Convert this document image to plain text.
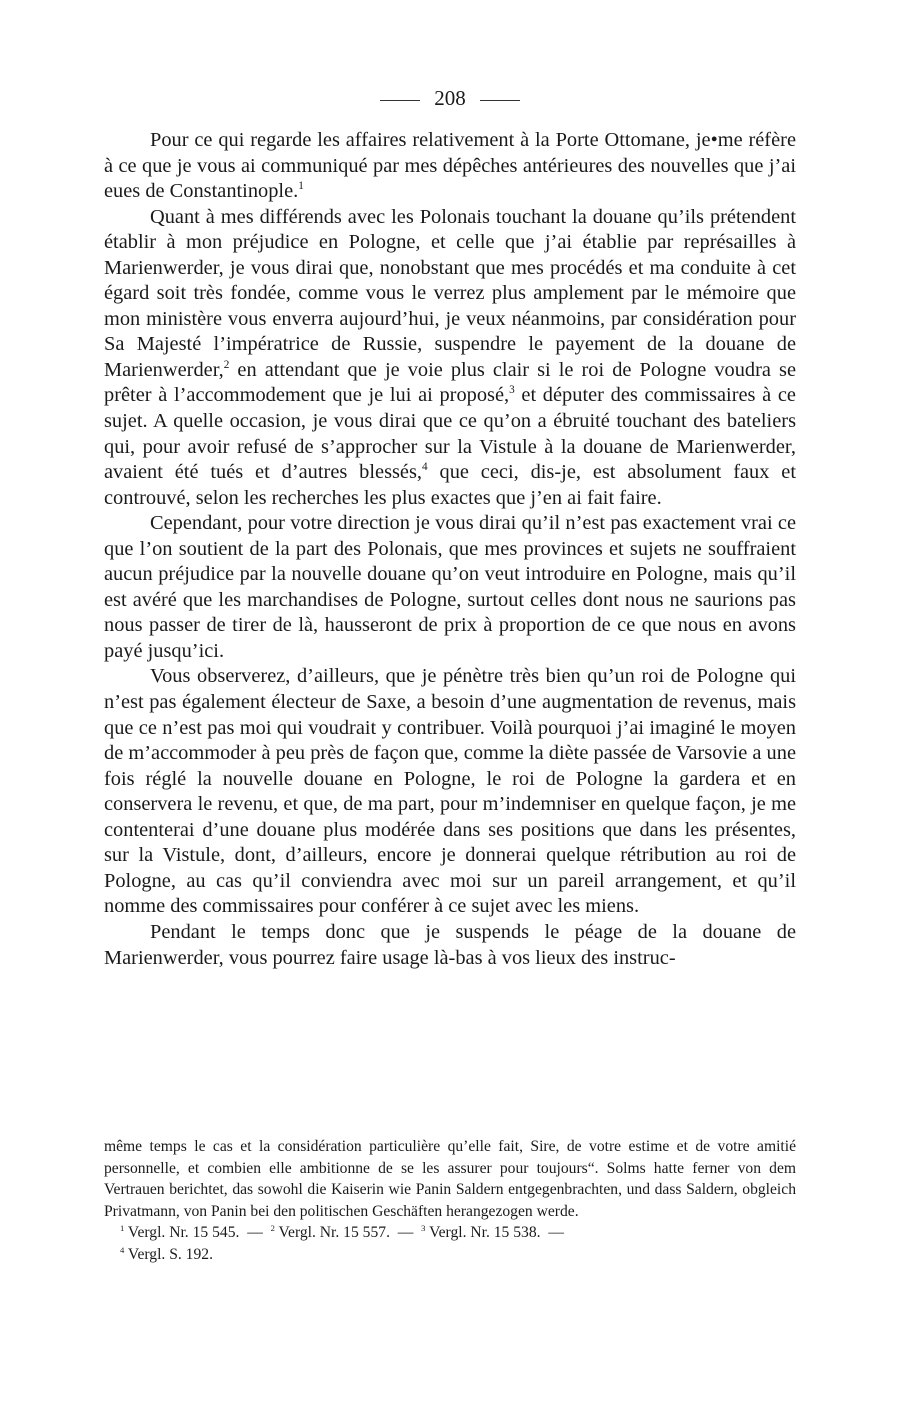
208

Pour ce qui regarde les affaires relativement à la Porte Ottomane, je•me réfère à ce que je vous ai communiqué par mes dépêches antérieures des nouvelles que j’ai eues de Constantinople.$^1$

Quant à mes différends avec les Polonais touchant la douane qu’ils prétendent établir à mon préjudice en Pologne, et celle que j’ai établie par représailles à Marienwerder, je vous dirai que, nonobstant que mes procédés et ma conduite à cet égard soit très fondée, comme vous le verrez plus amplement par le mémoire que mon ministère vous enverra aujourd’hui, je veux néanmoins, par considération pour Sa Majesté l’impératrice de Russie, suspendre le payement de la douane de Marienwerder,$^2$ en attendant que je voie plus clair si le roi de Pologne voudra se prêter à l’accommodement que je lui ai proposé,$^3$ et députer des commissaires à ce sujet. A quelle occasion, je vous dirai que ce qu’on a ébruité touchant des bateliers qui, pour avoir refusé de s’approcher sur la Vistule à la douane de Marienwerder, avaient été tués et d’autres blessés,$^4$ que ceci, dis-je, est absolument faux et controuvé, selon les recherches les plus exactes que j’en ai fait faire.

Cependant, pour votre direction je vous dirai qu’il n’est pas exactement vrai ce que l’on soutient de la part des Polonais, que mes provinces et sujets ne souffraient aucun préjudice par la nouvelle douane qu’on veut introduire en Pologne, mais qu’il est avéré que les marchandises de Pologne, surtout celles dont nous ne saurions pas nous passer de tirer de là, hausseront de prix à proportion de ce que nous en avons payé jusqu’ici.

Vous observerez, d’ailleurs, que je pénètre très bien qu’un roi de Pologne qui n’est pas également électeur de Saxe, a besoin d’une augmentation de revenus, mais que ce n’est pas moi qui voudrait y contribuer. Voilà pourquoi j’ai imaginé le moyen de m’accommoder à peu près de façon que, comme la diète passée de Varsovie a une fois réglé la nouvelle douane en Pologne, le roi de Pologne la gardera et en conservera le revenu, et que, de ma part, pour m’indemniser en quelque façon, je me contenterai d’une douane plus modérée dans ses positions que dans les présentes, sur la Vistule, dont, d’ailleurs, encore je donnerai quelque rétribution au roi de Pologne, au cas qu’il conviendra avec moi sur un pareil arrangement, et qu’il nomme des commissaires pour conférer à ce sujet avec les miens.

Pendant le temps donc que je suspends le péage de la douane de Marienwerder, vous pourrez faire usage là-bas à vos lieux des instruc-

même temps le cas et la considération particulière qu’elle fait, Sire, de votre estime et de votre amitié personnelle, et combien elle ambitionne de se les assurer pour toujours“. Solms hatte ferner von dem Vertrauen berichtet, das sowohl die Kaiserin wie Panin Saldern entgegenbrachten, und dass Saldern, obgleich Privatmann, von Panin bei den politischen Geschäften herangezogen werde.

$^1$ Vergl. Nr. 15 545.  —  $^2$ Vergl. Nr. 15 557.  —  $^3$ Vergl. Nr. 15 538.  —
$^4$ Vergl. S. 192.
